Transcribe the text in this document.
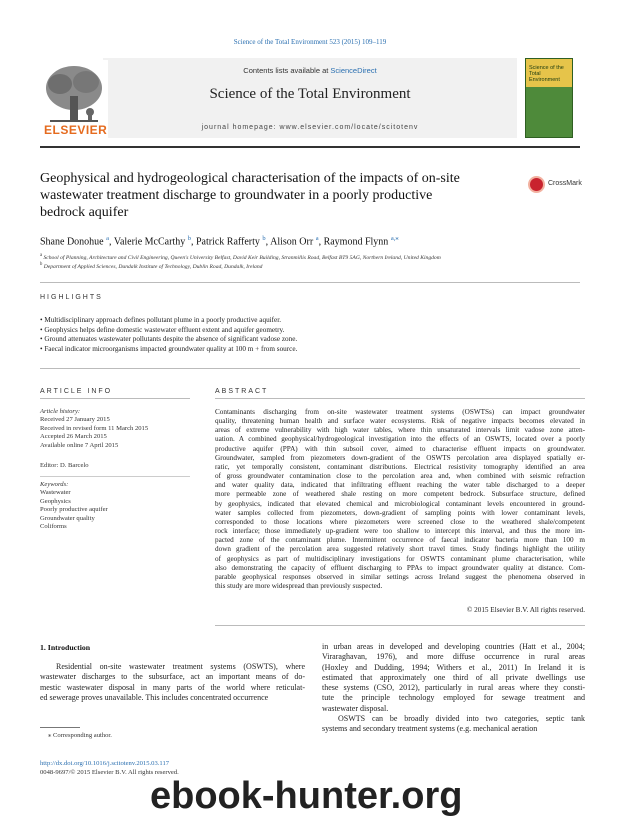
Science of the Total Environment 523 (2015) 109–119
ELSEVIER
Contents lists available at ScienceDirect
Science of the Total Environment
journal homepage: www.elsevier.com/locate/scitotenv
Science of the Total Environment
Geophysical and hydrogeological characterisation of the impacts of on-site wastewater treatment discharge to groundwater in a poorly productive bedrock aquifer
CrossMark
Shane Donohue $^a$, Valerie McCarthy $^b$, Patrick Rafferty $^b$, Alison Orr $^a$, Raymond Flynn $^{a,⁎}$
$^a$ School of Planning, Architecture and Civil Engineering, Queen's University Belfast, David Keir Building, Stranmillis Road, Belfast BT9 5AG, Northern Ireland, United Kingdom
$^b$ Department of Applied Sciences, Dundalk Institute of Technology, Dublin Road, Dundalk, Ireland
HIGHLIGHTS
• Multidisciplinary approach defines pollutant plume in a poorly productive aquifer.
• Geophysics helps define domestic wastewater effluent extent and aquifer geometry.
• Ground attenuates wastewater pollutants despite the absence of significant vadose zone.
• Faecal indicator microorganisms impacted groundwater quality at 100 m + from source.
ARTICLE INFO	ABSTRACT
Article history:
Received 27 January 2015
Received in revised form 11 March 2015
Accepted 26 March 2015
Available online 7 April 2015
Editor: D. Barcelo
Keywords:
Wastewater
Geophysics
Poorly productive aquifer
Groundwater quality
Coliforms
Contaminants discharging from on-site wastewater treatment systems (OSWTSs) can impact groundwater
quality, threatening human health and surface water ecosystems. Risk of negative impacts becomes elevated in
areas of extreme vulnerability with high water tables, where thin unsaturated intervals limit vadose zone atten-
uation. A combined geophysical/hydrogeological investigation into the effects of an OSWTS, located over a poorly
productive aquifer (PPA) with thin subsoil cover, aimed to characterise effluent impacts on groundwater.
Groundwater, sampled from piezometers down-gradient of the OSWTS percolation area displayed spatially er-
ratic, yet temporally consistent, contaminant distributions. Electrical resistivity tomography identified an area
of gross groundwater contamination close to the percolation area and, when combined with seismic refraction
and water quality data, indicated that infiltrating effluent reaching the water table discharged to a deeper
more permeable zone of weathered shale resting on more competent bedrock. Subsurface structure, defined
by geophysics, indicated that elevated chemical and microbiological contaminant levels encountered in ground-
water samples collected from piezometers, down-gradient of sampling points with lower contaminant levels,
corresponded to those locations where piezometers were screened close to the weathered shale/competent
rock interface; those immediately up-gradient were too shallow to intercept this interval, and thus the more im-
pacted zone of the contaminant plume. Intermittent occurrence of faecal indicator bacteria more than 100 m
down gradient of the percolation area suggested relatively short travel times. Study findings highlight the utility
of geophysics as part of multidisciplinary investigations for OSWTS contaminant plume characterisation, while
also demonstrating the capacity of effluent discharging to PPAs to impact groundwater quality at distance. Com-
parable geophysical responses observed in similar settings across Ireland suggest the phenomena observed in
this study are more widespread than previously suspected.
© 2015 Elsevier B.V. All rights reserved.
1. Introduction
Residential on-site wastewater treatment systems (OSWTS), where
wastewater discharges to the subsurface, act an important means of do-
mestic wastewater disposal in many parts of the world where reticulat-
ed sewerage proves unavailable. This includes concentrated occurrence
in urban areas in developed and developing countries (Hatt et al., 2004;
Viraraghavan, 1976), and more diffuse occurrence in rural areas
(Hoxley and Dudding, 1994; Withers et al., 2011) In Ireland it is
estimated that approximately one third of all private dwellings use
these systems (CSO, 2012), particularly in rural areas where they consti-
tute the principle technology employed for sewage treatment and
wastewater disposal.
OSWTS can be broadly divided into two categories, septic tank
systems and secondary treatment systems (e.g. mechanical aeration
⁎ Corresponding author.
http://dx.doi.org/10.1016/j.scitotenv.2015.03.117
0048-9697/© 2015 Elsevier B.V. All rights reserved.
ebook-hunter.org
